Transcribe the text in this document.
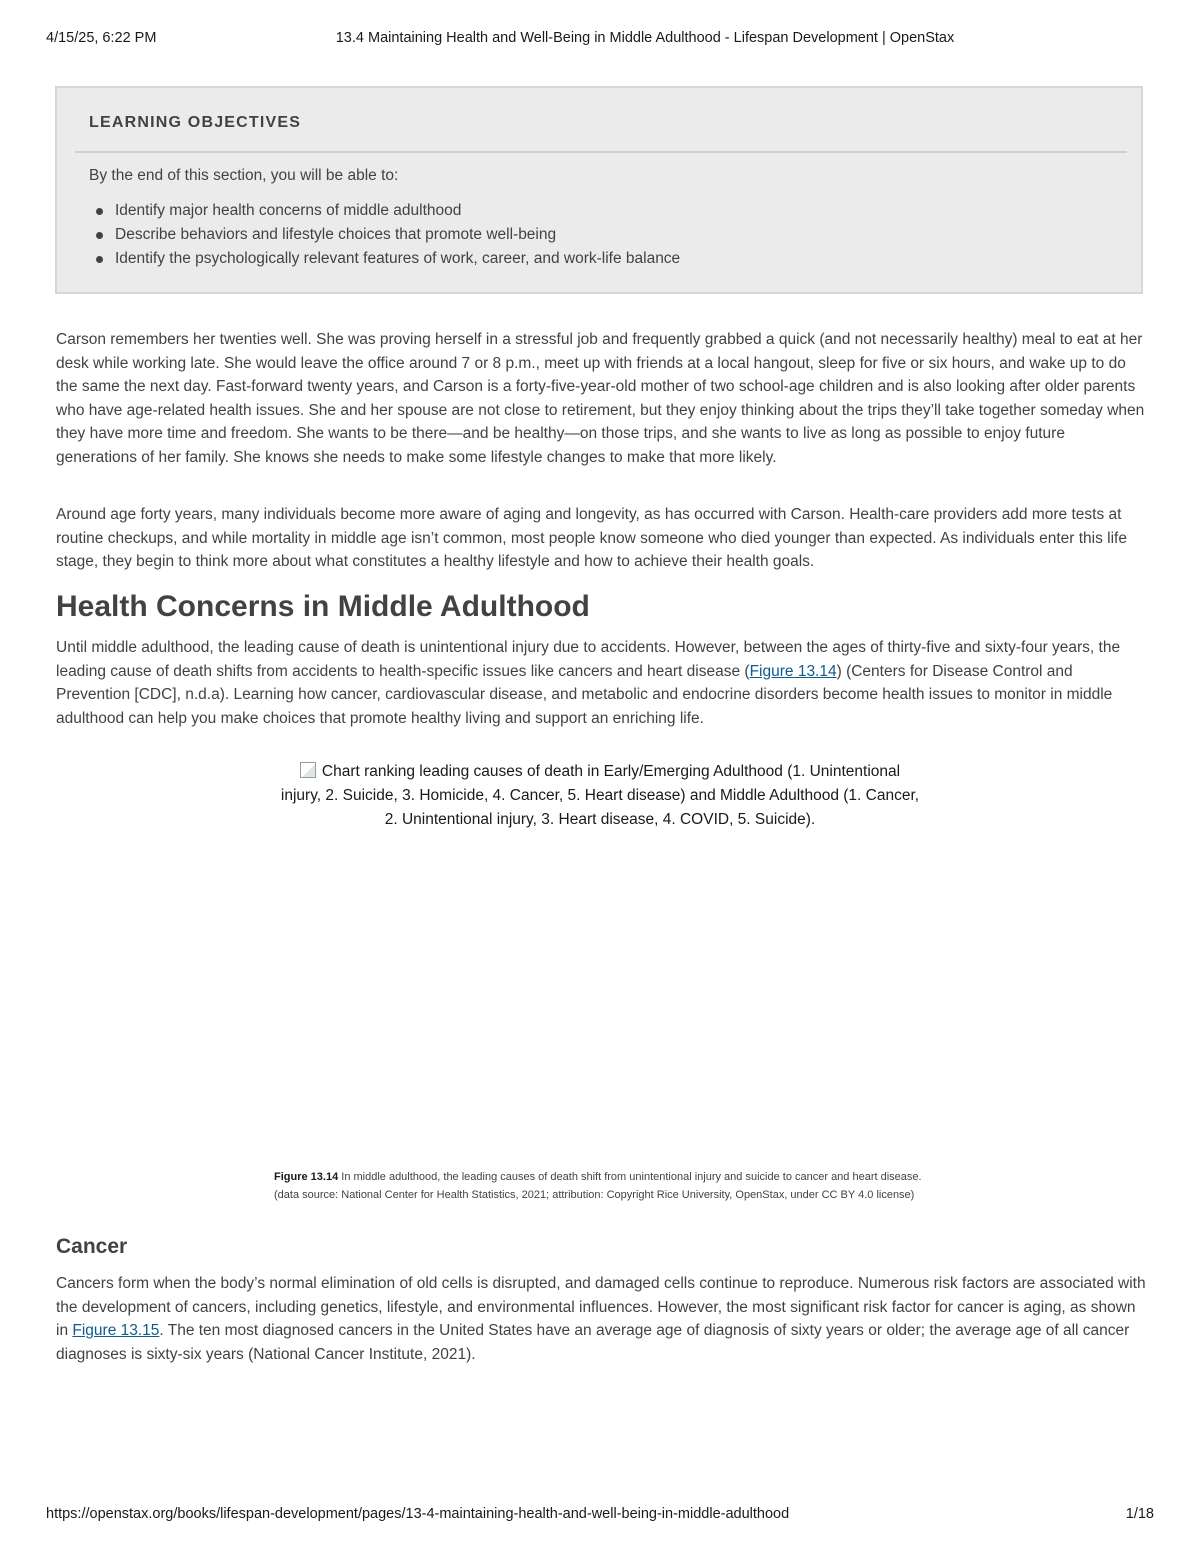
4/15/25, 6:22 PM	13.4 Maintaining Health and Well-Being in Middle Adulthood - Lifespan Development | OpenStax
LEARNING OBJECTIVES
By the end of this section, you will be able to:
Identify major health concerns of middle adulthood
Describe behaviors and lifestyle choices that promote well-being
Identify the psychologically relevant features of work, career, and work-life balance

Carson remembers her twenties well. She was proving herself in a stressful job and frequently grabbed a quick (and not necessarily healthy) meal to eat at her desk while working late. She would leave the office around 7 or 8 p.m., meet up with friends at a local hangout, sleep for five or six hours, and wake up to do the same the next day. Fast-forward twenty years, and Carson is a forty-five-year-old mother of two school-age children and is also looking after older parents who have age-related health issues. She and her spouse are not close to retirement, but they enjoy thinking about the trips they’ll take together someday when they have more time and freedom. She wants to be there—and be healthy—on those trips, and she wants to live as long as possible to enjoy future generations of her family. She knows she needs to make some lifestyle changes to make that more likely.

Around age forty years, many individuals become more aware of aging and longevity, as has occurred with Carson. Health-care providers add more tests at routine checkups, and while mortality in middle age isn’t common, most people know someone who died younger than expected. As individuals enter this life stage, they begin to think more about what constitutes a healthy lifestyle and how to achieve their health goals.

Health Concerns in Middle Adulthood

Until middle adulthood, the leading cause of death is unintentional injury due to accidents. However, between the ages of thirty-five and sixty-four years, the leading cause of death shifts from accidents to health-specific issues like cancers and heart disease (Figure 13.14) (Centers for Disease Control and Prevention [CDC], n.d.a). Learning how cancer, cardiovascular disease, and metabolic and endocrine disorders become health issues to monitor in middle adulthood can help you make choices that promote healthy living and support an enriching life.

Chart ranking leading causes of death in Early/Emerging Adulthood (1. Unintentional injury, 2. Suicide, 3. Homicide, 4. Cancer, 5. Heart disease) and Middle Adulthood (1. Cancer, 2. Unintentional injury, 3. Heart disease, 4. COVID, 5. Suicide).
Figure 13.14 In middle adulthood, the leading causes of death shift from unintentional injury and suicide to cancer and heart disease. (data source: National Center for Health Statistics, 2021; attribution: Copyright Rice University, OpenStax, under CC BY 4.0 license)
Cancer

Cancers form when the body’s normal elimination of old cells is disrupted, and damaged cells continue to reproduce. Numerous risk factors are associated with the development of cancers, including genetics, lifestyle, and environmental influences. However, the most significant risk factor for cancer is aging, as shown in Figure 13.15. The ten most diagnosed cancers in the United States have an average age of diagnosis of sixty years or older; the average age of all cancer diagnoses is sixty-six years (National Cancer Institute, 2021).

https://openstax.org/books/lifespan-development/pages/13-4-maintaining-health-and-well-being-in-middle-adulthood	1/18
